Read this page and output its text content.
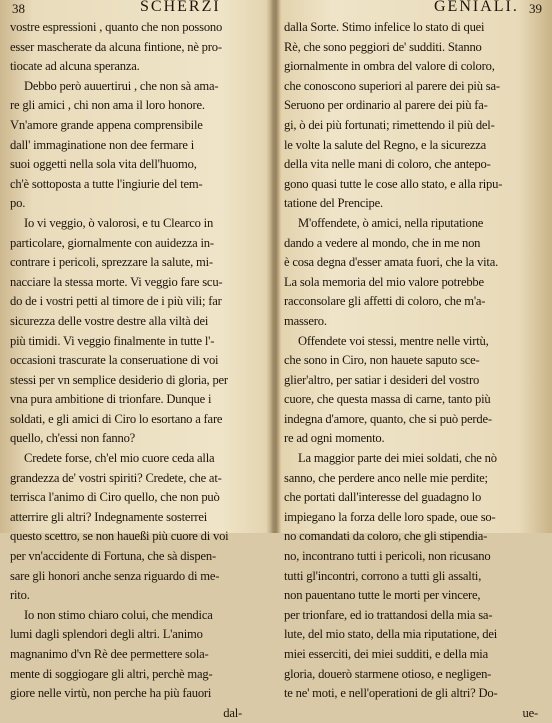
38	SCHERZI
vostre espressioni , quanto che non possono
esser mascherate da alcuna fintione, nè pro-
tiocate ad alcuna speranza.
Debbo però auuertirui , che non sà ama-
re gli amici , chi non ama il loro honore.
Vn'amore grande appena comprensibile
dall' immaginatione non dee fermare i
suoi oggetti nella sola vita dell'huomo,
ch'è sottoposta a tutte l'ingiurie del tem-
po.
Io vi veggio, ò valorosi, e tu Clearco in
particolare, giornalmente con auidezza in-
contrare i pericoli, sprezzare la salute, mi-
nacciare la stessa morte. Vi veggio fare scu-
do de i vostri petti al timore de i più vili; far
sicurezza delle vostre destre alla viltà dei
più timidi. Vi veggio finalmente in tutte l'-
occasioni trascurate la conseruatione di voi
stessi per vn semplice desiderio di gloria, per
vna pura ambitione di trionfare. Dunque i
soldati, e gli amici di Ciro lo esortano a fare
quello, ch'essi non fanno?
Credete forse, ch'el mio cuore ceda alla
grandezza de' vostri spiriti? Credete, che at-
terrisca l'animo di Ciro quello, che non può
atterrire gli altri? Indegnamente sosterrei
questo scettro, se non haueßi più cuore di voi
per vn'accidente di Fortuna, che sà dispen-
sare gli honori anche senza riguardo di me-
rito.
Io non stimo chiaro colui, che mendica
lumi dagli splendori degli altri. L'animo
magnanimo d'vn Rè dee permettere sola-
mente di soggiogare gli altri, perchè mag-
giore nelle virtù, non perche ha più fauori
dal-
GENIALI. 39
dalla Sorte. Stimo infelice lo stato di quei
Rè, che sono peggiori de' sudditi. Stanno
giornalmente in ombra del valore di coloro,
che conoscono superiori al parere dei più sa-
Seruono per ordinario al parere dei più fa-
gi, ò dei più fortunati; rimettendo il più del-
le volte la salute del Regno, e la sicurezza
della vita nelle mani di coloro, che antepo-
gono quasi tutte le cose allo stato, e alla ripu-
tatione del Prencipe.
M'offendete, ò amici, nella riputatione
dando a vedere al mondo, che in me non
è cosa degna d'esser amata fuori, che la vita.
La sola memoria del mio valore potrebbe
racconsolare gli affetti di coloro, che m'a-
massero.
Offendete voi stessi, mentre nelle virtù,
che sono in Ciro, non hauete saputo sce-
glier'altro, per satiar i desideri del vostro
cuore, che questa massa di carne, tanto più
indegna d'amore, quanto, che si può perde-
re ad ogni momento.
La maggior parte dei miei soldati, che nò
sanno, che perdere anco nelle mie perdite;
che portati dall'interesse del guadagno lo
impiegano la forza delle loro spade, oue so-
no comandati da coloro, che gli stipendia-
no, incontrano tutti i pericoli, non ricusano
tutti gl'incontri, corrono a tutti gli assalti,
non pauentano tutte le morti per vincere,
per trionfare, ed io trattandosi della mia sa-
lute, del mio stato, della mia riputatione, dei
miei esserciti, dei miei sudditi, e della mia
gloria, douerò starmene otioso, e negligen-
te ne' moti, e nell'operationi de gli altri? Do-
ue-
